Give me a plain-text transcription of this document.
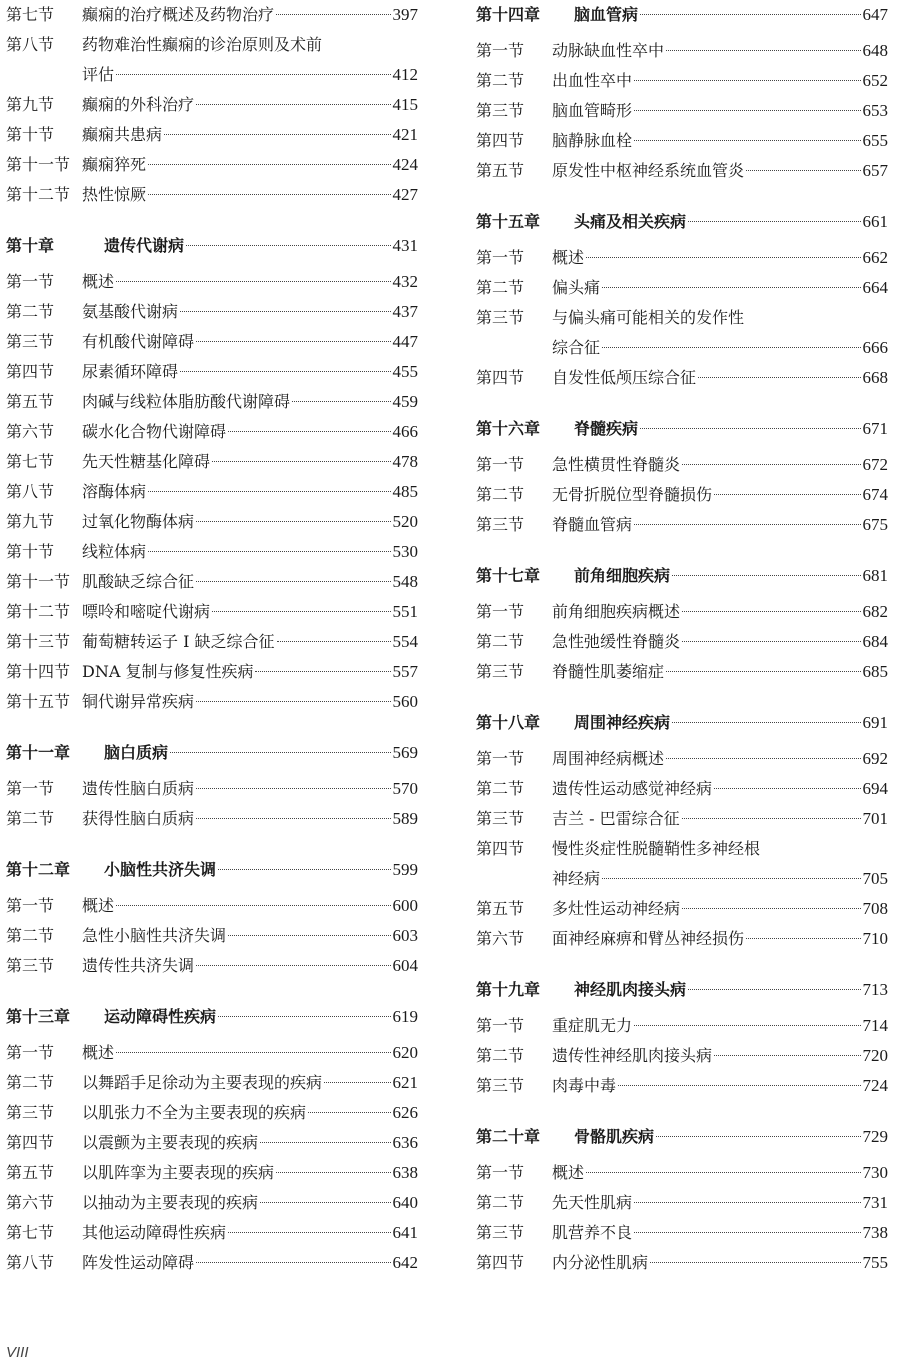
第七节	癫痫的治疗概述及药物治疗	397
第八节	药物难治性癫痫的诊治原则及术前
评估	412
第九节	癫痫的外科治疗	415
第十节	癫痫共患病	421
第十一节 癫痫猝死	424
第十二节 热性惊厥	427
第十章	遗传代谢病	431
第一节	概述	432
第二节	氨基酸代谢病	437
第三节	有机酸代谢障碍	447
第四节	尿素循环障碍	455
第五节	肉碱与线粒体脂肪酸代谢障碍	459
第六节	碳水化合物代谢障碍	466
第七节	先天性糖基化障碍	478
第八节	溶酶体病	485
第九节	过氧化物酶体病	520
第十节	线粒体病	530
第十一节 肌酸缺乏综合征	548
第十二节 嘌呤和嘧啶代谢病	551
第十三节 葡萄糖转运子 I 缺乏综合征	554
第十四节 DNA 复制与修复性疾病	557
第十五节 铜代谢异常疾病	560
第十一章	脑白质病	569
第一节	遗传性脑白质病	570
第二节	获得性脑白质病	589
第十二章	小脑性共济失调	599
第一节	概述	600
第二节	急性小脑性共济失调	603
第三节	遗传性共济失调	604
第十三章	运动障碍性疾病	619
第一节	概述	620
第二节	以舞蹈手足徐动为主要表现的疾病	621
第三节	以肌张力不全为主要表现的疾病	626
第四节	以震颤为主要表现的疾病	636
第五节	以肌阵挛为主要表现的疾病	638
第六节	以抽动为主要表现的疾病	640
第七节	其他运动障碍性疾病	641
第八节	阵发性运动障碍	642
第十四章	脑血管病	647
第一节	动脉缺血性卒中	648
第二节	出血性卒中	652
第三节	脑血管畸形	653
第四节	脑静脉血栓	655
第五节	原发性中枢神经系统血管炎	657
第十五章	头痛及相关疾病	661
第一节	概述	662
第二节	偏头痛	664
第三节	与偏头痛可能相关的发作性
综合征	666
第四节	自发性低颅压综合征	668
第十六章	脊髓疾病	671
第一节	急性横贯性脊髓炎	672
第二节	无骨折脱位型脊髓损伤	674
第三节	脊髓血管病	675
第十七章	前角细胞疾病	681
第一节	前角细胞疾病概述	682
第二节	急性弛缓性脊髓炎	684
第三节	脊髓性肌萎缩症	685
第十八章	周围神经疾病	691
第一节	周围神经病概述	692
第二节	遗传性运动感觉神经病	694
第三节	吉兰 - 巴雷综合征	701
第四节	慢性炎症性脱髓鞘性多神经根
神经病	705
第五节	多灶性运动神经病	708
第六节	面神经麻痹和臂丛神经损伤	710
第十九章	神经肌肉接头病	713
第一节	重症肌无力	714
第二节	遗传性神经肌肉接头病	720
第三节	肉毒中毒	724
第二十章	骨骼肌疾病	729
第一节	概述	730
第二节	先天性肌病	731
第三节	肌营养不良	738
第四节	内分泌性肌病	755
VIII
